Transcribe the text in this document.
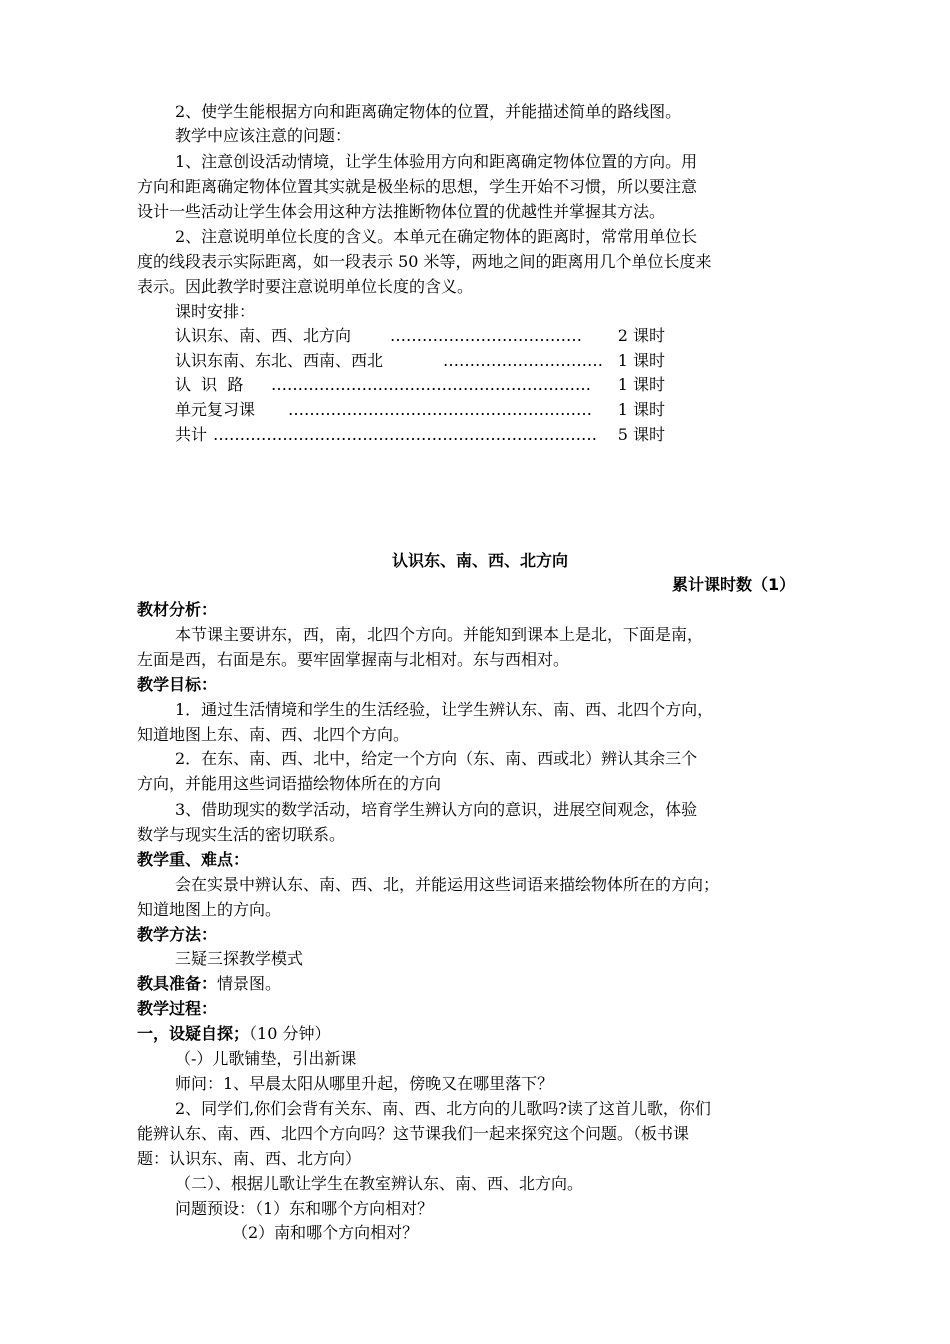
2、使学生能根据方向和距离确定物体的位置，并能描述简单的路线图。
教学中应该注意的问题：
1、注意创设活动情境，让学生体验用方向和距离确定物体位置的方向。用
方向和距离确定物体位置其实就是极坐标的思想，学生开始不习惯，所以要注意
设计一些活动让学生体会用这种方法推断物体位置的优越性并掌握其方法。
2、注意说明单位长度的含义。本单元在确定物体的距离时，常常用单位长
度的线段表示实际距离，如一段表示 50 米等，两地之间的距离用几个单位长度来
表示。因此教学时要注意说明单位长度的含义。
课时安排：
认识东、南、西、北方向 ………………………………	2 课时
认识东南、东北、西南、西北	………………………… 1 课时
认  识  路 ……………………………………………………	1 课时
单元复习课 …………………………………………………	1 课时
共计 ………………………………………………………………	5 课时
认识东、南、西、北方向
累计课时数（1）
教材分析：
本节课主要讲东，西，南，北四个方向。并能知到课本上是北，下面是南，
左面是西，右面是东。要牢固掌握南与北相对。东与西相对。
教学目标：
1．通过生活情境和学生的生活经验，让学生辨认东、南、西、北四个方向，
知道地图上东、南、西、北四个方向。
2．在东、南、西、北中，给定一个方向（东、南、西或北）辨认其余三个
方向，并能用这些词语描绘物体所在的方向
3、借助现实的数学活动，培育学生辨认方向的意识，进展空间观念，体验
数学与现实生活的密切联系。
教学重、难点：
会在实景中辨认东、南、西、北，并能运用这些词语来描绘物体所在的方向；
知道地图上的方向。
教学方法：
三疑三探教学模式
教具准备：情景图。
教学过程：
一，设疑自探；（10 分钟）
（-）儿歌铺垫，引出新课
师问：1、早晨太阳从哪里升起，傍晚又在哪里落下？
2、同学们,你们会背有关东、南、西、北方向的儿歌吗?读了这首儿歌，你们
能辨认东、南、西、北四个方向吗？这节课我们一起来探究这个问题。（板书课
题：认识东、南、西、北方向）
（二）、根据儿歌让学生在教室辨认东、南、西、北方向。
问题预设：（1）东和哪个方向相对？
（2）南和哪个方向相对？
